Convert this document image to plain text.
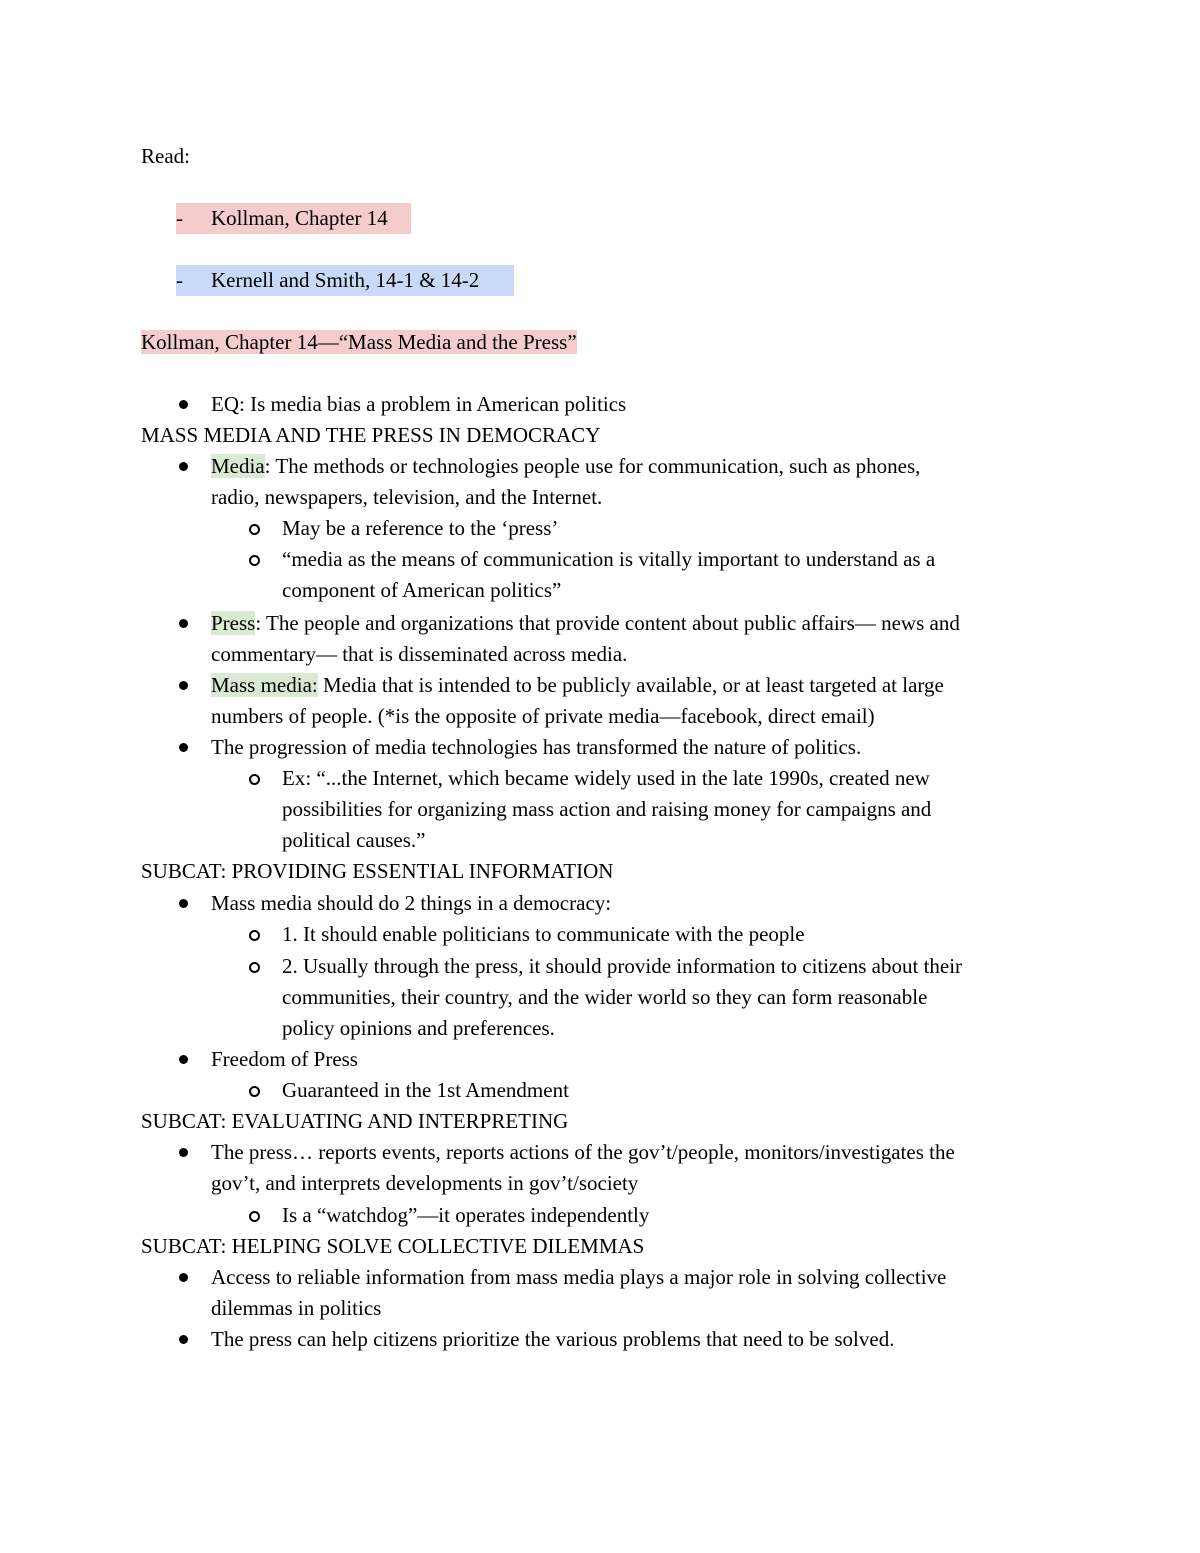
Read:
- Kollman, Chapter 14
- Kernell and Smith, 14-1 & 14-2
Kollman, Chapter 14—“Mass Media and the Press”
EQ: Is media bias a problem in American politics
MASS MEDIA AND THE PRESS IN DEMOCRACY
Media: The methods or technologies people use for communication, such as phones,
radio, newspapers, television, and the Internet.
May be a reference to the ‘press’
“media as the means of communication is vitally important to understand as a
component of American politics”
Press: The people and organizations that provide content about public affairs— news and
commentary— that is disseminated across media.
Mass media: Media that is intended to be publicly available, or at least targeted at large
numbers of people. (*is the opposite of private media—facebook, direct email)
The progression of media technologies has transformed the nature of politics.
Ex: “...the Internet, which became widely used in the late 1990s, created new
possibilities for organizing mass action and raising money for campaigns and
political causes.”
SUBCAT: PROVIDING ESSENTIAL INFORMATION
Mass media should do 2 things in a democracy:
1. It should enable politicians to communicate with the people
2. Usually through the press, it should provide information to citizens about their
communities, their country, and the wider world so they can form reasonable
policy opinions and preferences.
Freedom of Press
Guaranteed in the 1st Amendment
SUBCAT: EVALUATING AND INTERPRETING
The press… reports events, reports actions of the gov’t/people, monitors/investigates the
gov’t, and interprets developments in gov’t/society
Is a “watchdog”—it operates independently
SUBCAT: HELPING SOLVE COLLECTIVE DILEMMAS
Access to reliable information from mass media plays a major role in solving collective
dilemmas in politics
The press can help citizens prioritize the various problems that need to be solved.
